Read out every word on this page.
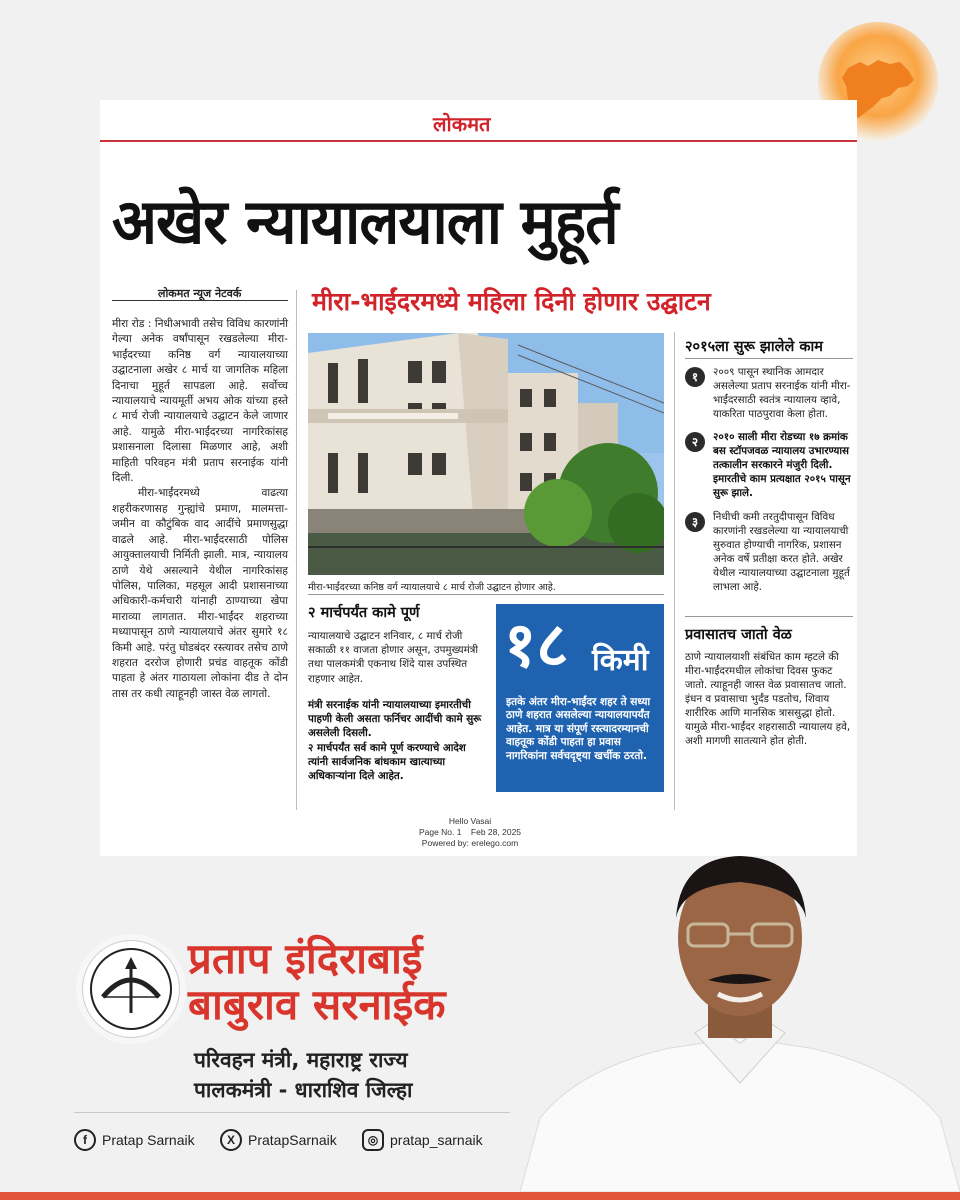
लोकमत
अखेर न्यायालयाला मुहूर्त
लोकमत न्यूज नेटवर्क	मीरा-भाईंदरमध्ये महिला दिनी होणार उद्घाटन

मीरा रोड : निधीअभावी तसेच विविध कारणांनी गेल्या अनेक वर्षांपासून रखडलेल्या मीरा-भाईंदरच्या कनिष्ठ वर्ग न्यायालयाच्या उद्घाटनाला अखेर ८ मार्च या जागतिक महिला दिनाचा मुहूर्त सापडला आहे. सर्वोच्च न्यायालयाचे न्यायमूर्ती अभय ओक यांच्या हस्ते ८ मार्च रोजी न्यायालयाचे उद्घाटन केले जाणार आहे. यामुळे मीरा-भाईंदरच्या नागरिकांसह प्रशासनाला दिलासा मिळणार आहे, अशी माहिती परिवहन मंत्री प्रताप सरनाईक यांनी दिली.

मीरा-भाईंदरमध्ये वाढत्या शहरीकरणासह गुन्ह्यांचे प्रमाण, मालमत्ता-जमीन वा कौटुंबिक वाद आदींचे प्रमाणसुद्धा वाढले आहे. मीरा-भाईंदरसाठी पोलिस आयुक्तालयाची निर्मिती झाली. मात्र, न्यायालय ठाणे येथे असल्याने येथील नागरिकांसह पोलिस, पालिका, महसूल आदी प्रशासनाच्या अधिकारी-कर्मचारी यांनाही ठाण्याच्या खेपा माराव्या लागतात. मीरा-भाईंदर शहराच्या मध्यापासून ठाणे न्यायालयाचे अंतर सुमारे १८ किमी आहे. परंतु घोडबंदर रस्त्यावर तसेच ठाणे शहरात दररोज होणारी प्रचंड वाहतूक कोंडी पाहता हे अंतर गाठायला लोकांना दीड ते दोन तास तर कधी त्याहूनही जास्त वेळ लागतो.

मीरा-भाईंदरच्या कनिष्ठ वर्ग न्यायालयाचे ८ मार्च रोजी उद्घाटन होणार आहे.
२ मार्चपर्यंत कामे पूर्ण

न्यायालयाचे उद्घाटन शनिवार, ८ मार्च रोजी सकाळी ११ वाजता होणार असून, उपमुख्यमंत्री तथा पालकमंत्री एकनाथ शिंदे यास उपस्थित राहणार आहेत.

मंत्री सरनाईक यांनी न्यायालयाच्या इमारतीची पाहणी केली असता फर्निचर आदींची कामे सुरू असलेली दिसली.

२ मार्चपर्यंत सर्व कामे पूर्ण करण्याचे आदेश त्यांनी सार्वजनिक बांधकाम खात्याच्या अधिकाऱ्यांना दिले आहेत.

१८ किमी
इतके अंतर मीरा-भाईंदर शहर ते सध्या ठाणे शहरात असलेल्या न्यायालयापर्यंत आहेत. मात्र या संपूर्ण रस्त्यादरम्यानची वाहतूक कोंडी पाहता हा प्रवास नागरिकांना सर्वचदृष्ट्या खर्चीक ठरतो.
२०१५ला सुरू झालेले काम
१	२००९ पासून स्थानिक आमदार असलेल्या प्रताप सरनाईक यांनी मीरा-भाईंदरसाठी स्वतंत्र न्यायालय व्हावे, याकरिता पाठपुरावा केला होता.
२	२०१० साली मीरा रोडच्या १७ क्रमांक बस स्टॉपजवळ न्यायालय उभारण्यास तत्कालीन सरकारने मंजुरी दिली. इमारतीचे काम प्रत्यक्षात २०१५ पासून सुरू झाले.
३	निधीची कमी तरतुदीपासून विविध कारणांनी रखडलेल्या या न्यायालयाची सुरुवात होण्याची नागरिक, प्रशासन अनेक वर्षे प्रतीक्षा करत होते. अखेर येथील न्यायालयाच्या उद्घाटनाला मुहूर्त लाभला आहे.
प्रवासातच जातो वेळ

ठाणे न्यायालयाशी संबंधित काम म्हटले की मीरा-भाईंदरमधील लोकांचा दिवस फुकट जातो. त्याहूनही जास्त वेळ प्रवासातच जातो.

इंधन व प्रवासाचा भुर्दंड पडतोच, शिवाय शारीरिक आणि मानसिक त्राससुद्धा होतो. यामुळे मीरा-भाईंदर शहरासाठी न्यायालय हवे, अशी मागणी सातत्याने होत होती.

Hello Vasai
Page No. 1    Feb 28, 2025
Powered by: erelego.com
प्रताप इंदिराबाई
बाबुराव सरनाईक
परिवहन मंत्री, महाराष्ट्र राज्य
पालकमंत्री - धाराशिव जिल्हा
f	Pratap Sarnaik	X PratapSarnaik	◎ pratap_sarnaik
